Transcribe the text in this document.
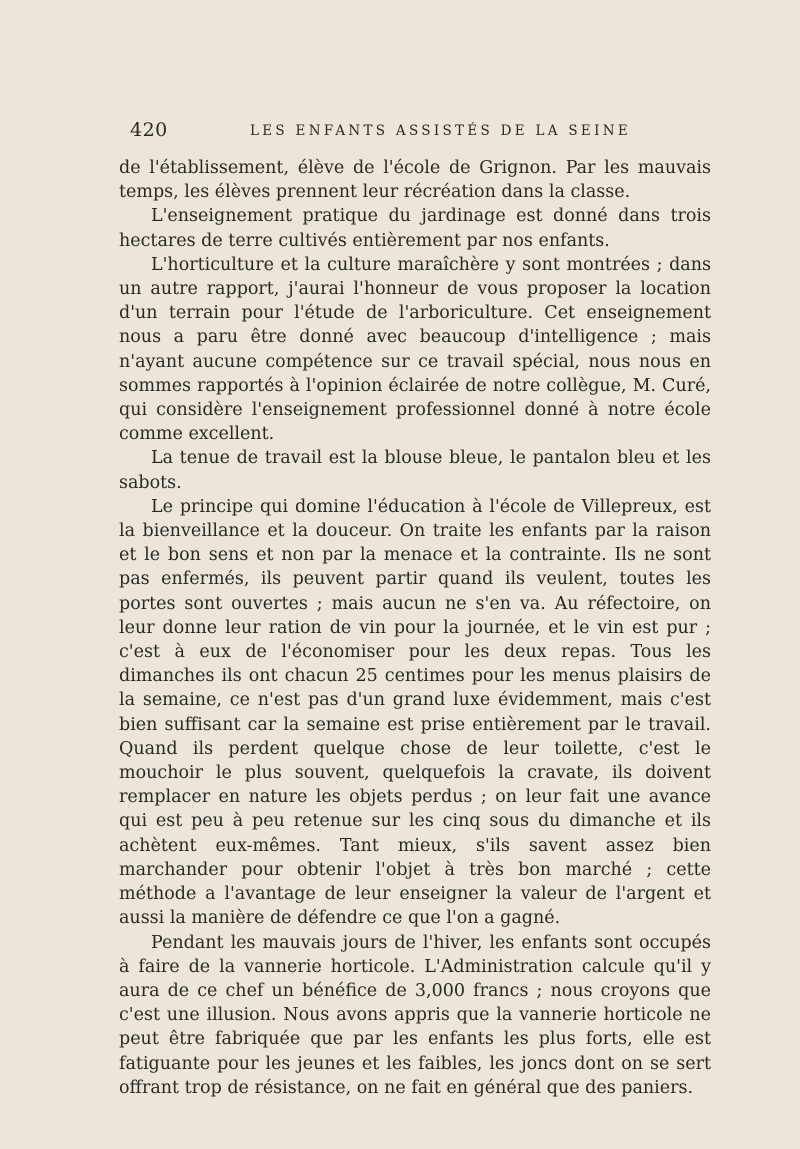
420	LES ENFANTS ASSISTÉS DE LA SEINE

de l'établissement, élève de l'école de Grignon. Par les mauvais temps, les élèves prennent leur récréation dans la classe.

L'enseignement pratique du jardinage est donné dans trois hectares de terre cultivés entièrement par nos enfants.

L'horticulture et la culture maraîchère y sont montrées ; dans un autre rapport, j'aurai l'honneur de vous proposer la location d'un terrain pour l'étude de l'arboriculture. Cet enseignement nous a paru être donné avec beaucoup d'intelligence ; mais n'ayant aucune compétence sur ce travail spécial, nous nous en sommes rapportés à l'opinion éclairée de notre collègue, M. Curé, qui considère l'enseignement professionnel donné à notre école comme excellent.

La tenue de travail est la blouse bleue, le pantalon bleu et les sabots.

Le principe qui domine l'éducation à l'école de Villepreux, est la bienveillance et la douceur. On traite les enfants par la raison et le bon sens et non par la menace et la contrainte. Ils ne sont pas enfermés, ils peuvent partir quand ils veulent, toutes les portes sont ouvertes ; mais aucun ne s'en va. Au réfectoire, on leur donne leur ration de vin pour la journée, et le vin est pur ; c'est à eux de l'économiser pour les deux repas. Tous les dimanches ils ont chacun 25 centimes pour les menus plaisirs de la semaine, ce n'est pas d'un grand luxe évidemment, mais c'est bien suffisant car la semaine est prise entièrement par le travail. Quand ils perdent quelque chose de leur toilette, c'est le mouchoir le plus souvent, quelquefois la cravate, ils doivent remplacer en nature les objets perdus ; on leur fait une avance qui est peu à peu retenue sur les cinq sous du dimanche et ils achètent eux-mêmes. Tant mieux, s'ils savent assez bien marchander pour obtenir l'objet à très bon marché ; cette méthode a l'avantage de leur enseigner la valeur de l'argent et aussi la manière de défendre ce que l'on a gagné.

Pendant les mauvais jours de l'hiver, les enfants sont occupés à faire de la vannerie horticole. L'Administration calcule qu'il y aura de ce chef un bénéfice de 3,000 francs ; nous croyons que c'est une illusion. Nous avons appris que la vannerie horticole ne peut être fabriquée que par les enfants les plus forts, elle est fatiguante pour les jeunes et les faibles, les joncs dont on se sert offrant trop de résistance, on ne fait en général que des paniers.
